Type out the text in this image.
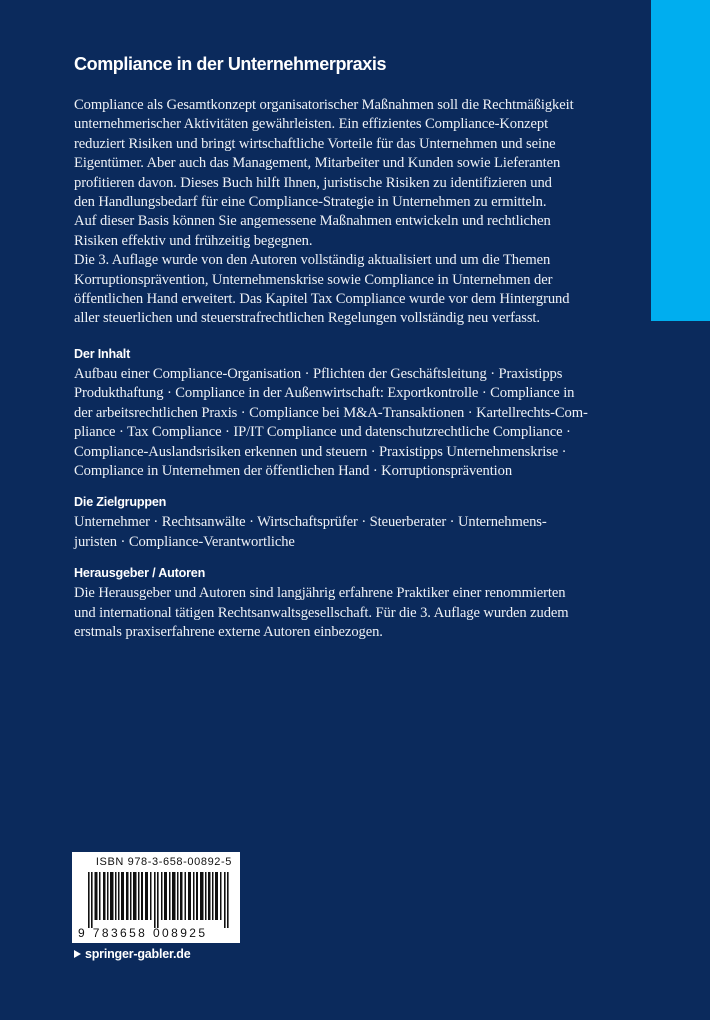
Compliance in der Unternehmerpraxis

Compliance als Gesamtkonzept organisatorischer Maßnahmen soll die Rechtmäßigkeit
unternehmerischer Aktivitäten gewährleisten. Ein effizientes Compliance-Konzept
reduziert Risiken und bringt wirtschaftliche Vorteile für das Unternehmen und seine
Eigentümer. Aber auch das Management, Mitarbeiter und Kunden sowie Lieferanten
profitieren davon. Dieses Buch hilft Ihnen, juristische Risiken zu identifizieren und
den Handlungsbedarf für eine Compliance-Strategie in Unternehmen zu ermitteln.
Auf dieser Basis können Sie angemessene Maßnahmen entwickeln und rechtlichen
Risiken effektiv und frühzeitig begegnen.
Die 3. Auflage wurde von den Autoren vollständig aktualisiert und um die Themen
Korruptionsprävention, Unternehmenskrise sowie Compliance in Unternehmen der
öffentlichen Hand erweitert. Das Kapitel Tax Compliance wurde vor dem Hintergrund
aller steuerlichen und steuerstrafrechtlichen Regelungen vollständig neu verfasst.

Der Inhalt

Aufbau einer Compliance-Organisation · Pflichten der Geschäftsleitung · Praxistipps
Produkthaftung · Compliance in der Außenwirtschaft: Exportkontrolle · Compliance in
der arbeitsrechtlichen Praxis · Compliance bei M&A-Transaktionen · Kartellrechts-Com-
pliance · Tax Compliance · IP/IT Compliance und datenschutzrechtliche Compliance ·
Compliance-Auslandsrisiken erkennen und steuern · Praxistipps Unternehmenskrise ·
Compliance in Unternehmen der öffentlichen Hand · Korruptionsprävention

Die Zielgruppen

Unternehmer · Rechtsanwälte · Wirtschaftsprüfer · Steuerberater · Unternehmens-
juristen · Compliance-Verantwortliche

Herausgeber / Autoren

Die Herausgeber und Autoren sind langjährig erfahrene Praktiker einer renommierten
und international tätigen Rechtsanwaltsgesellschaft. Für die 3. Auflage wurden zudem
erstmals praxiserfahrene externe Autoren einbezogen.

ISBN 978-3-658-00892-5
9 783658 008925
springer-gabler.de
